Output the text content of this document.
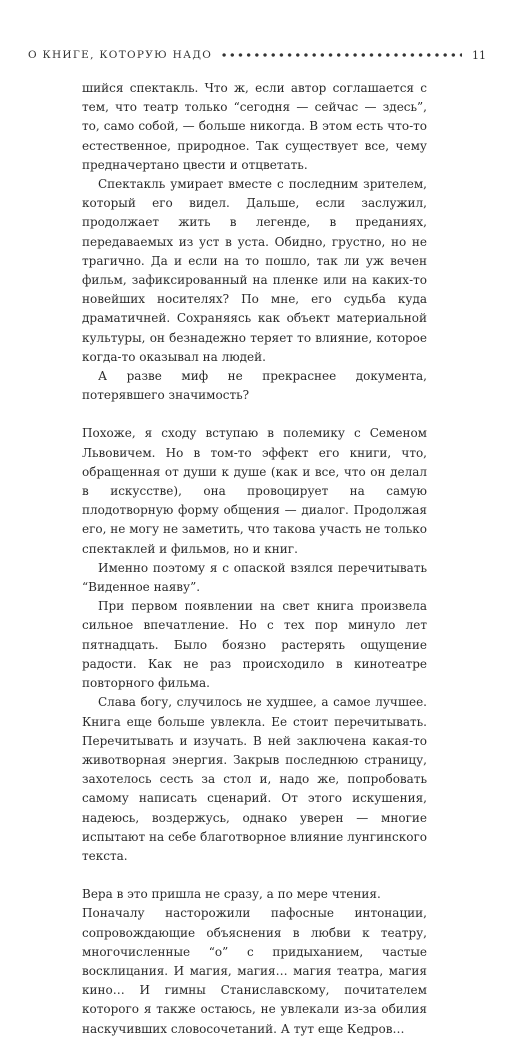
О КНИГЕ, КОТОРУЮ НАДО	11

шийся спектакль. Что ж, если автор соглашается с тем, что театр только “сегодня — сейчас — здесь”, то, само собой, — больше никогда. В этом есть что-то естественное, природное. Так существует все, чему предначертано цвести и отцветать.

Спектакль умирает вместе с последним зрителем, который его видел. Дальше, если заслужил, продолжает жить в легенде, в преданиях, передаваемых из уст в уста. Обидно, грустно, но не трагично. Да и если на то пошло, так ли уж вечен фильм, зафиксированный на пленке или на каких-то новейших носителях? По мне, его судьба куда драматичней. Сохраняясь как объект материальной культуры, он безнадежно теряет то влияние, которое когда-то оказывал на людей.

А разве миф не прекраснее документа, потерявшего значимость?

Похоже, я сходу вступаю в полемику с Семеном Львовичем. Но в том-то эффект его книги, что, обращенная от души к душе (как и все, что он делал в искусстве), она провоцирует на самую плодотворную форму общения — диалог. Продолжая его, не могу не заметить, что такова участь не только спектаклей и фильмов, но и книг.

Именно поэтому я с опаской взялся перечитывать “Виденное наяву”.

При первом появлении на свет книга произвела сильное впечатление. Но с тех пор минуло лет пятнадцать. Было боязно растерять ощущение радости. Как не раз происходило в кинотеатре повторного фильма.

Слава богу, случилось не худшее, а самое лучшее. Книга еще больше увлекла. Ее стоит перечитывать. Перечитывать и изучать. В ней заключена какая-то животворная энергия. Закрыв последнюю страницу, захотелось сесть за стол и, надо же, попробовать самому написать сценарий. От этого искушения, надеюсь, воздержусь, однако уверен — многие испытают на себе благотворное влияние лунгинского текста.

Вера в это пришла не сразу, а по мере чтения.

Поначалу насторожили пафосные интонации, сопровождающие объяснения в любви к театру, многочисленные “о” с придыханием, частые восклицания. И магия, магия… магия театра, магия кино… И гимны Станиславскому, почитателем которого я также остаюсь, не увлекали из-за обилия наскучивших словосочетаний. А тут еще Кедров…
